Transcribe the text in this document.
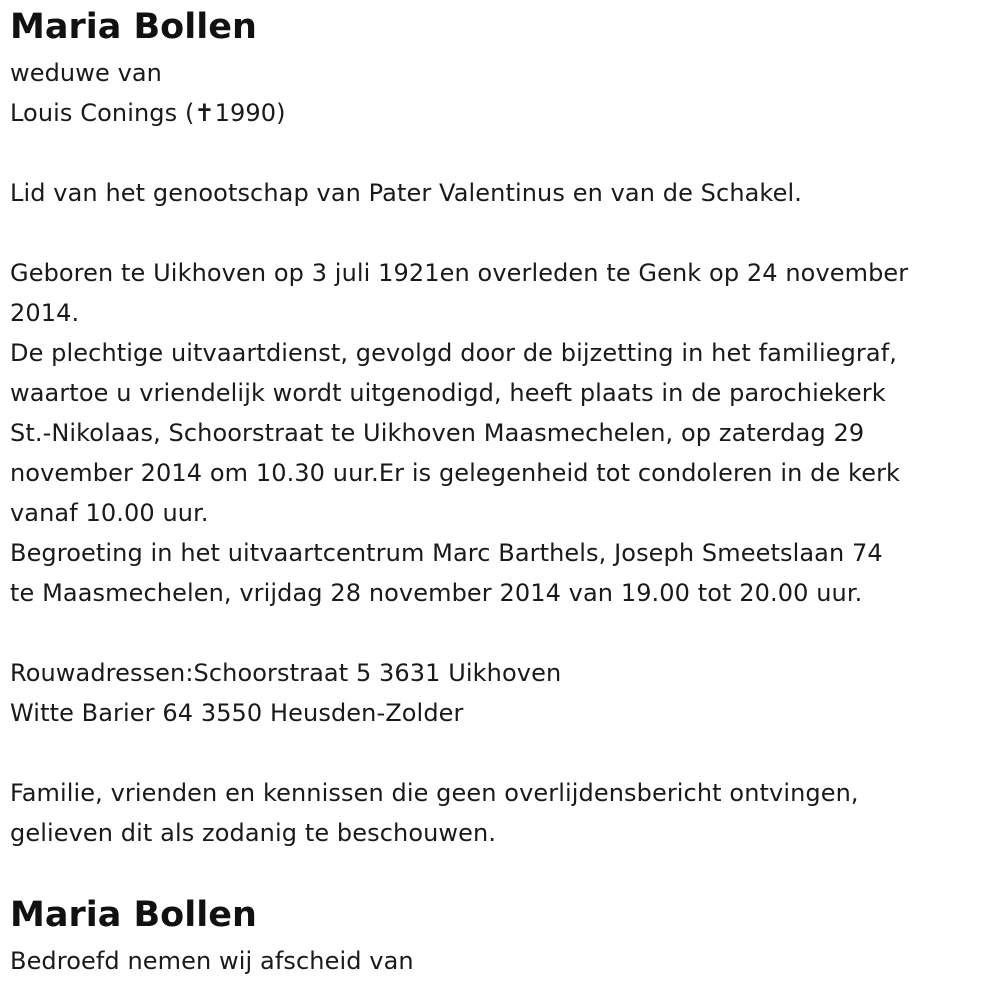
Maria Bollen

weduwe van

Louis Conings (✝1990)

Lid van het genootschap van Pater Valentinus en van de Schakel.

Geboren te Uikhoven op 3 juli 1921en overleden te Genk op 24 november

2014.

De plechtige uitvaartdienst, gevolgd door de bijzetting in het familiegraf,

waartoe u vriendelijk wordt uitgenodigd, heeft plaats in de parochiekerk

St.-Nikolaas, Schoorstraat te Uikhoven Maasmechelen, op zaterdag 29

november 2014 om 10.30 uur.Er is gelegenheid tot condoleren in de kerk

vanaf 10.00 uur.

Begroeting in het uitvaartcentrum Marc Barthels, Joseph Smeetslaan 74

te Maasmechelen, vrijdag 28 november 2014 van 19.00 tot 20.00 uur.

Rouwadressen:Schoorstraat 5 3631 Uikhoven

Witte Barier 64 3550 Heusden-Zolder

Familie, vrienden en kennissen die geen overlijdensbericht ontvingen,

gelieven dit als zodanig te beschouwen.

Maria Bollen

Bedroefd nemen wij afscheid van
